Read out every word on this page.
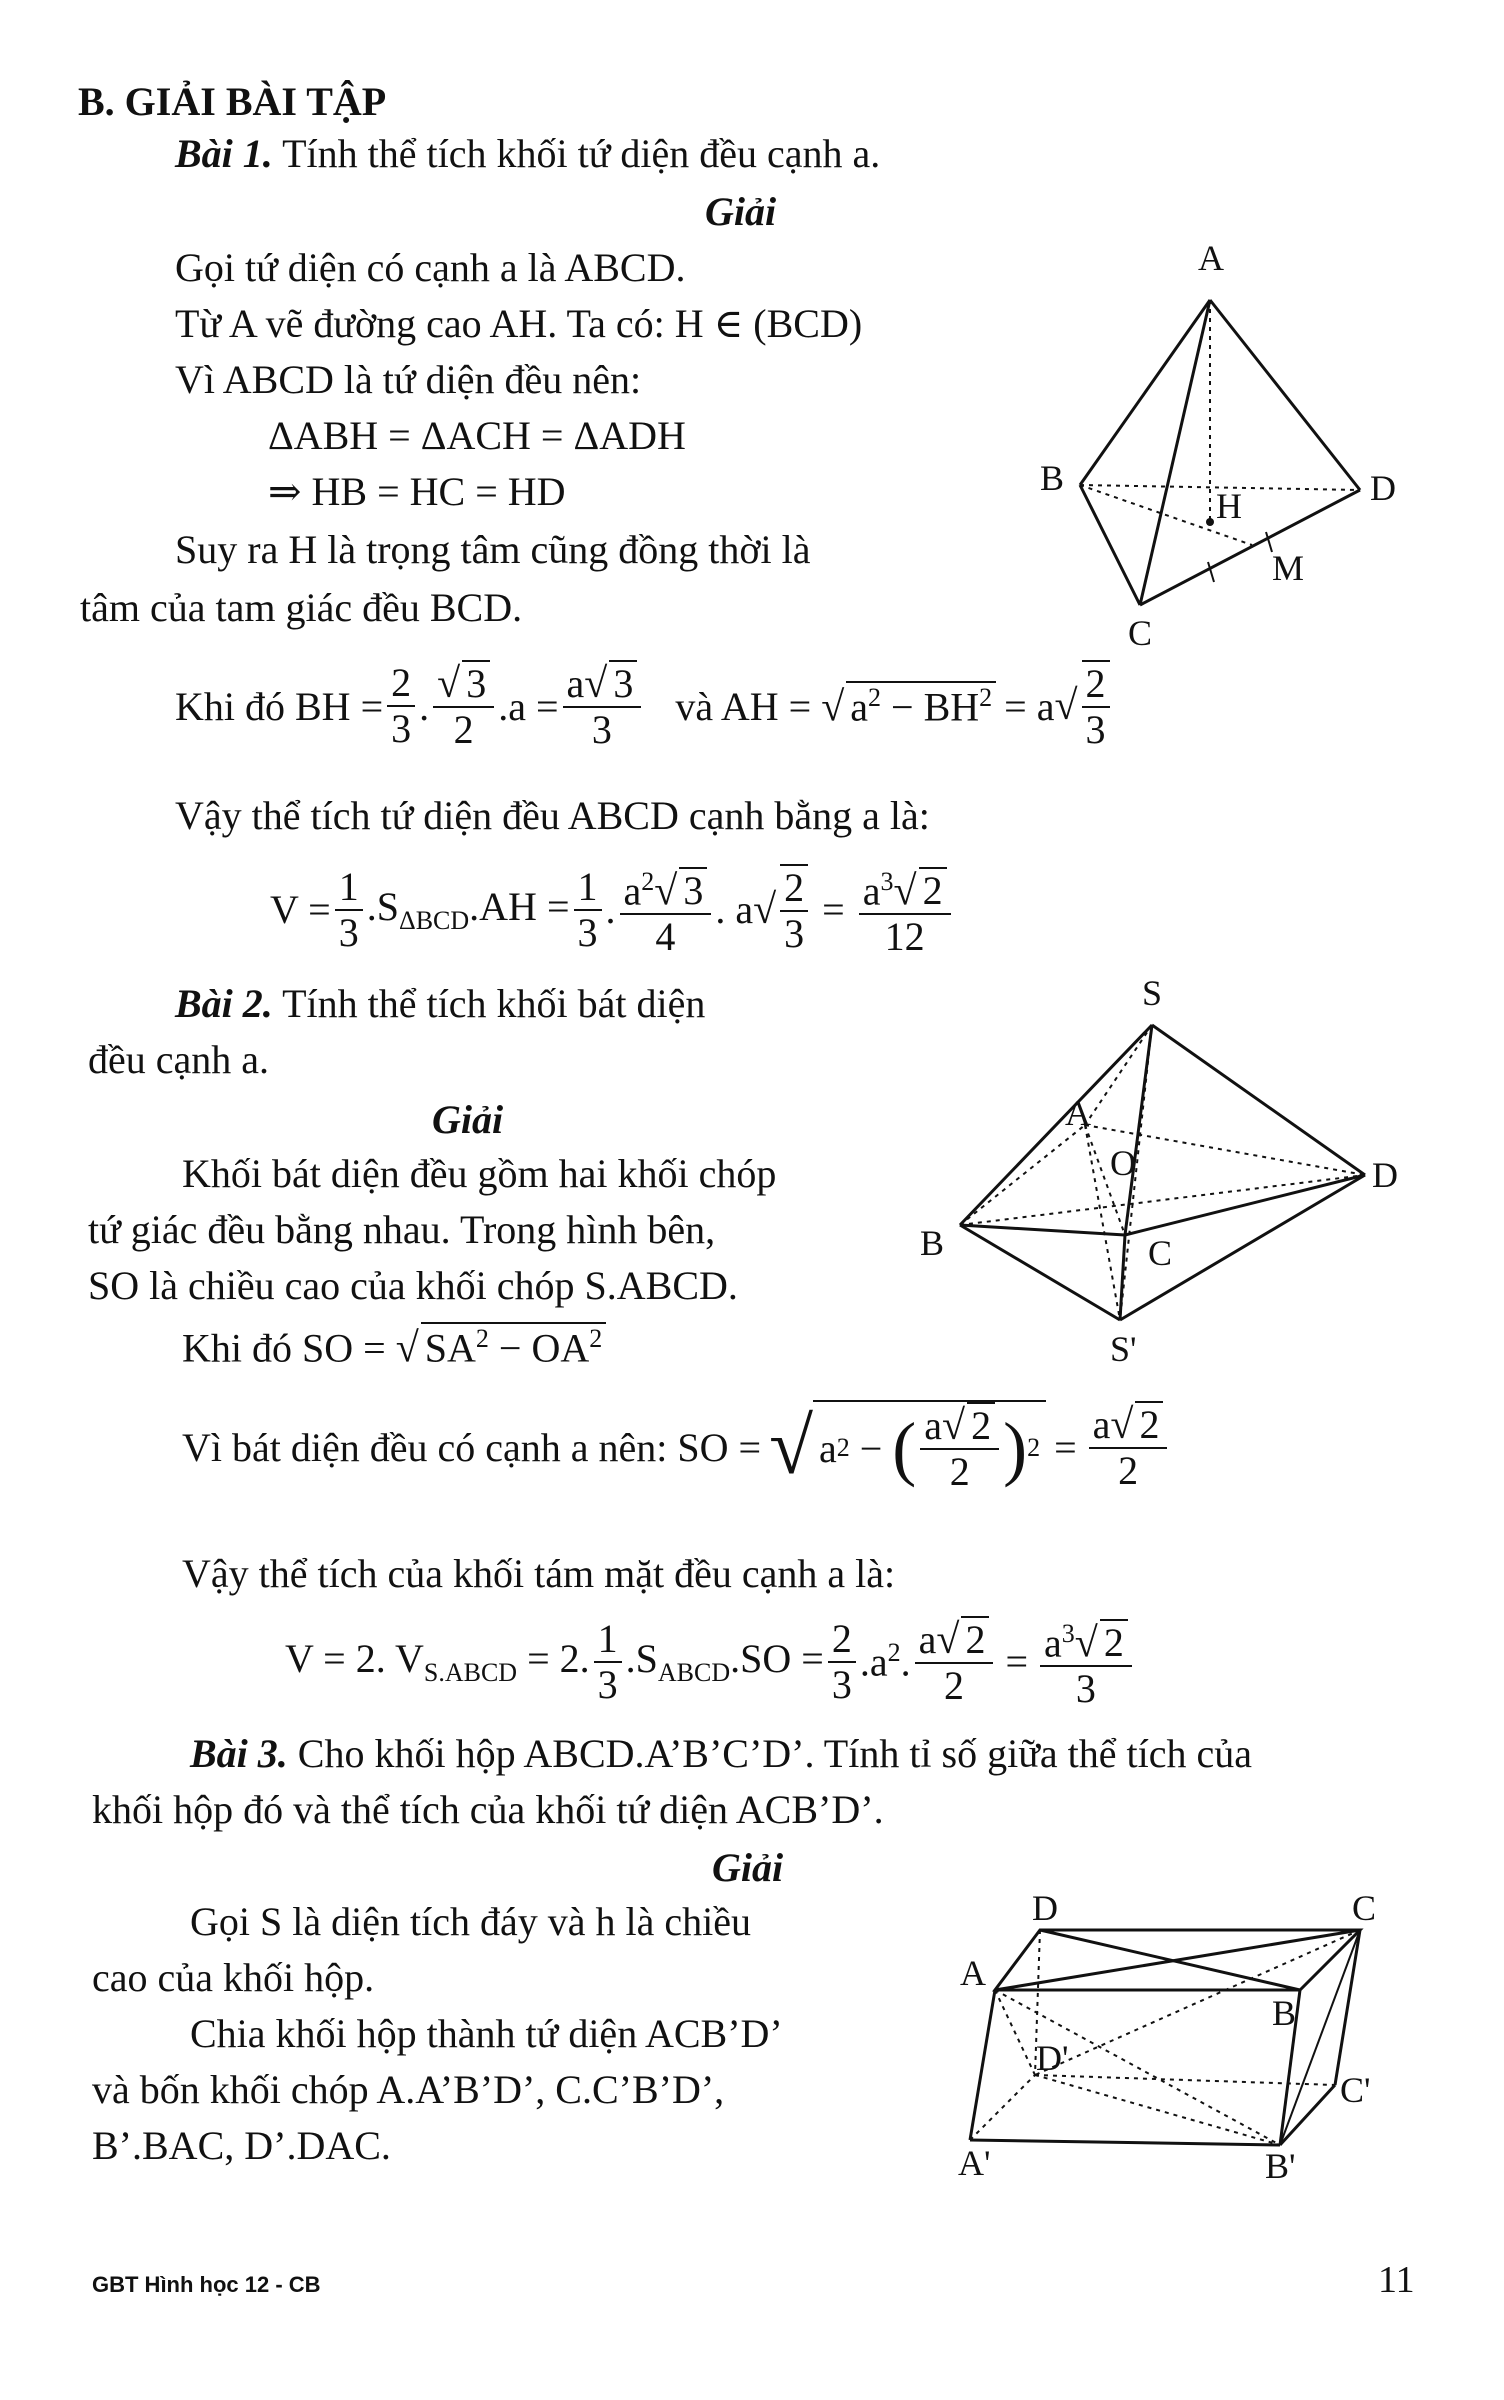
B. GIẢI BÀI TẬP
Bài 1. Tính thể tích khối tứ diện đều cạnh a.
Giải
Gọi tứ diện có cạnh a là ABCD.
Từ A vẽ đường cao AH. Ta có: H ∈ (BCD)
Vì ABCD là tứ diện đều nên:
ΔABH = ΔACH = ΔADH
⇒ HB = HC = HD
Suy ra H là trọng tâm cũng đồng thời là
tâm của tam giác đều BCD.
A
B
C
D
H
M
Khi đó BH = $\frac{2}{3}$ . $\frac{√ 3}{2} .a = \frac{a√ 3}{3}$ và AH = √ $a^2 - BH^2 = a$ √ $\frac{2}{3}$
Vậy thể tích tứ diện đều ABCD cạnh bằng a là:
$V = \frac{1}{3} .S_{\Delta BCD}.AH = \frac{1}{3}$ . $\frac{a^2√ 3}{4}$ . a √ $\frac{2}{3} = \frac{a^3√ 2}{12}$
Bài 2. Tính thể tích khối bát diện
đều cạnh a.
Giải
Khối bát diện đều gồm hai khối chóp
tứ giác đều bằng nhau. Trong hình bên,
SO là chiều cao của khối chóp S.ABCD.
S
A
O
B
D
C
S'
Khi đó SO = √ $SA^2 - OA^2$
Vì bát diện đều có cạnh a nên: SO = √ a 2 − ( $\frac{a√ 2}{2}$ ) $2 = \frac{a√ 2}{2}$
Vậy thể tích của khối tám mặt đều cạnh a là:
V = 2. $V_{S.ABCD} = 2$. $\frac{1}{3} .S_{ABCD}.SO = \frac{2}{3} .a^2$. $\frac{a√ 2}{2} = \frac{a^3√ 2}{3}$
Bài 3. Cho khối hộp ABCD.A’B’C’D’. Tính tỉ số giữa thể tích của
khối hộp đó và thể tích của khối tứ diện ACB’D’.
Giải
Gọi S là diện tích đáy và h là chiều
cao của khối hộp.
Chia khối hộp thành tứ diện ACB’D’
và bốn khối chóp A.A’B’D’, C.C’B’D’,
B’.BAC, D’.DAC.
D	C
A
B
D'
C'
A'	B'
GBT Hình học 12 - CB	11
